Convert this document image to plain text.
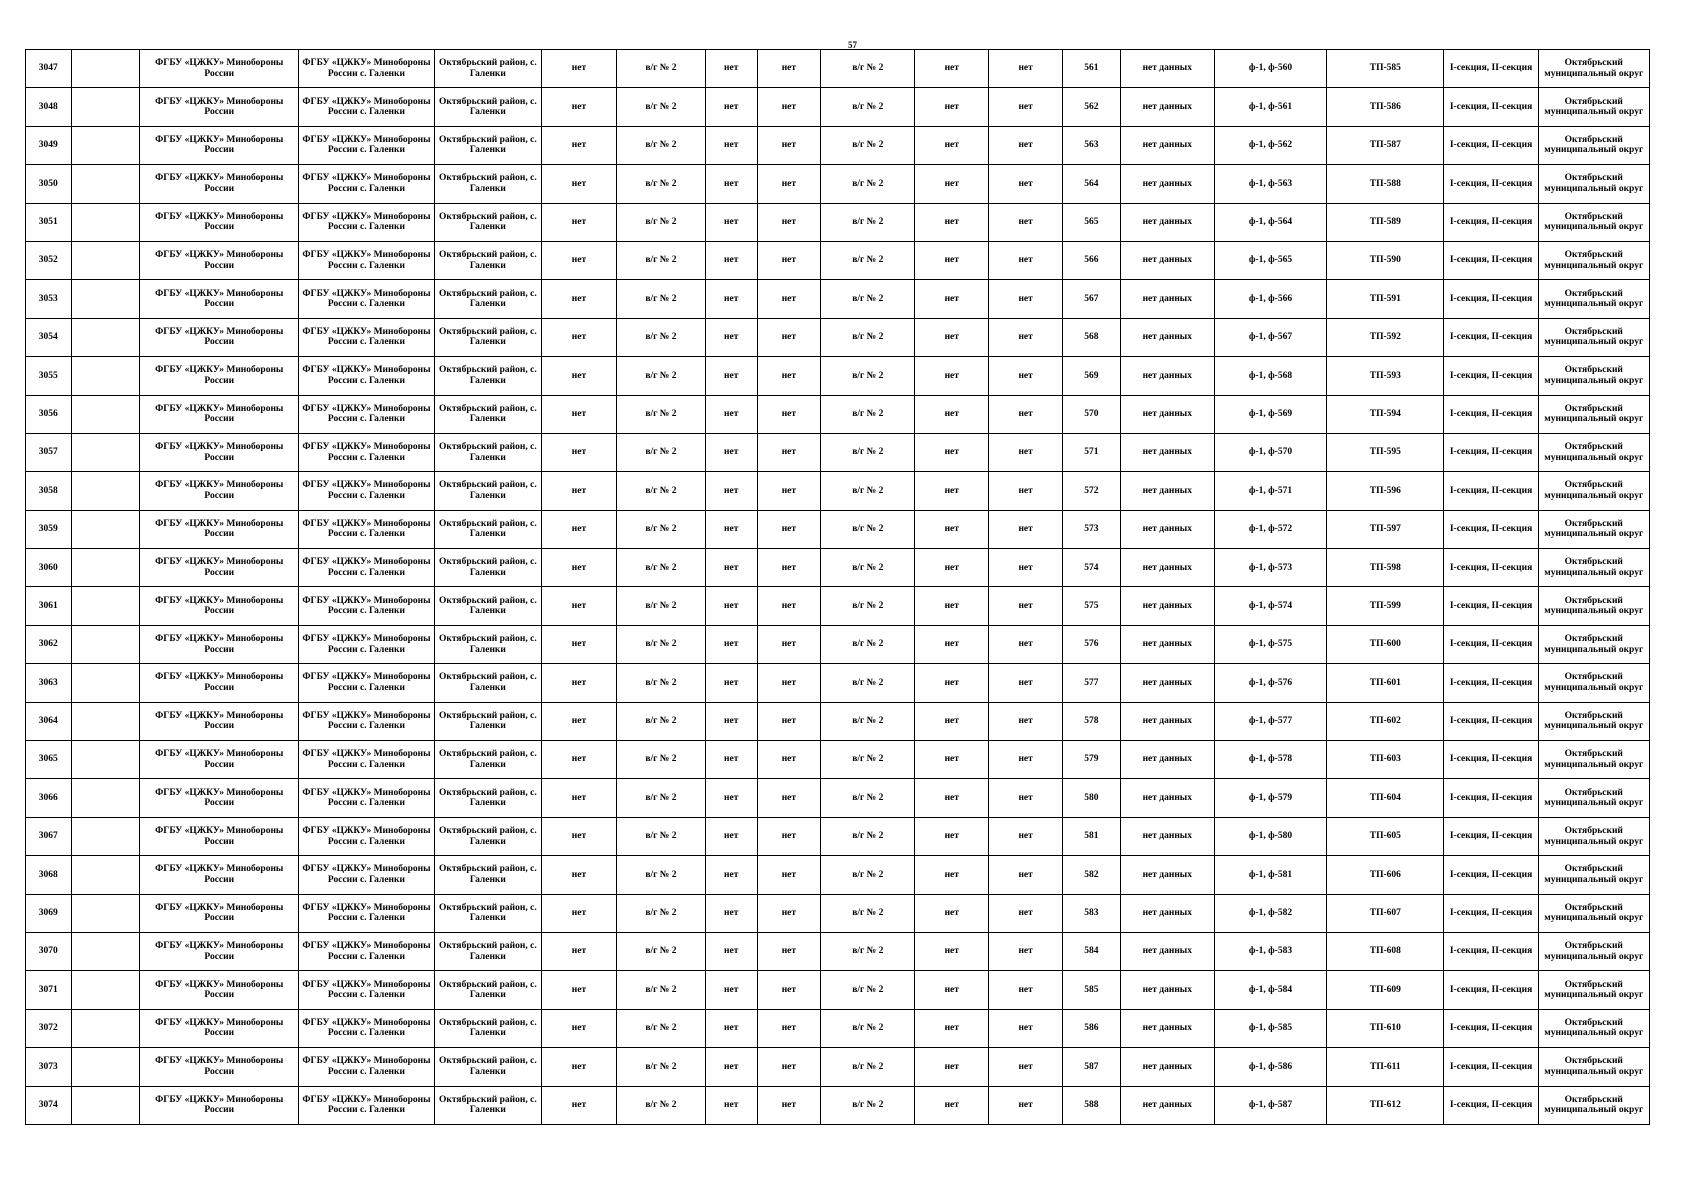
57
3047		ФГБУ «ЦЖКУ» Минобороны России	ФГБУ «ЦЖКУ» Минобороны России с. Галенки	Октябрьский район, с. Галенки	нет	в/г № 2	нет	нет	в/г № 2	нет	нет	561	нет данных	ф-1, ф-560	ТП-585	I-секция, II-секция	Октябрьский муниципальный округ
3048		ФГБУ «ЦЖКУ» Минобороны России	ФГБУ «ЦЖКУ» Минобороны России с. Галенки	Октябрьский район, с. Галенки	нет	в/г № 2	нет	нет	в/г № 2	нет	нет	562	нет данных	ф-1, ф-561	ТП-586	I-секция, II-секция	Октябрьский муниципальный округ
3049		ФГБУ «ЦЖКУ» Минобороны России	ФГБУ «ЦЖКУ» Минобороны России с. Галенки	Октябрьский район, с. Галенки	нет	в/г № 2	нет	нет	в/г № 2	нет	нет	563	нет данных	ф-1, ф-562	ТП-587	I-секция, II-секция	Октябрьский муниципальный округ
3050		ФГБУ «ЦЖКУ» Минобороны России	ФГБУ «ЦЖКУ» Минобороны России с. Галенки	Октябрьский район, с. Галенки	нет	в/г № 2	нет	нет	в/г № 2	нет	нет	564	нет данных	ф-1, ф-563	ТП-588	I-секция, II-секция	Октябрьский муниципальный округ
3051		ФГБУ «ЦЖКУ» Минобороны России	ФГБУ «ЦЖКУ» Минобороны России с. Галенки	Октябрьский район, с. Галенки	нет	в/г № 2	нет	нет	в/г № 2	нет	нет	565	нет данных	ф-1, ф-564	ТП-589	I-секция, II-секция	Октябрьский муниципальный округ
3052		ФГБУ «ЦЖКУ» Минобороны России	ФГБУ «ЦЖКУ» Минобороны России с. Галенки	Октябрьский район, с. Галенки	нет	в/г № 2	нет	нет	в/г № 2	нет	нет	566	нет данных	ф-1, ф-565	ТП-590	I-секция, II-секция	Октябрьский муниципальный округ
3053		ФГБУ «ЦЖКУ» Минобороны России	ФГБУ «ЦЖКУ» Минобороны России с. Галенки	Октябрьский район, с. Галенки	нет	в/г № 2	нет	нет	в/г № 2	нет	нет	567	нет данных	ф-1, ф-566	ТП-591	I-секция, II-секция	Октябрьский муниципальный округ
3054		ФГБУ «ЦЖКУ» Минобороны России	ФГБУ «ЦЖКУ» Минобороны России с. Галенки	Октябрьский район, с. Галенки	нет	в/г № 2	нет	нет	в/г № 2	нет	нет	568	нет данных	ф-1, ф-567	ТП-592	I-секция, II-секция	Октябрьский муниципальный округ
3055		ФГБУ «ЦЖКУ» Минобороны России	ФГБУ «ЦЖКУ» Минобороны России с. Галенки	Октябрьский район, с. Галенки	нет	в/г № 2	нет	нет	в/г № 2	нет	нет	569	нет данных	ф-1, ф-568	ТП-593	I-секция, II-секция	Октябрьский муниципальный округ
3056		ФГБУ «ЦЖКУ» Минобороны России	ФГБУ «ЦЖКУ» Минобороны России с. Галенки	Октябрьский район, с. Галенки	нет	в/г № 2	нет	нет	в/г № 2	нет	нет	570	нет данных	ф-1, ф-569	ТП-594	I-секция, II-секция	Октябрьский муниципальный округ
3057		ФГБУ «ЦЖКУ» Минобороны России	ФГБУ «ЦЖКУ» Минобороны России с. Галенки	Октябрьский район, с. Галенки	нет	в/г № 2	нет	нет	в/г № 2	нет	нет	571	нет данных	ф-1, ф-570	ТП-595	I-секция, II-секция	Октябрьский муниципальный округ
3058		ФГБУ «ЦЖКУ» Минобороны России	ФГБУ «ЦЖКУ» Минобороны России с. Галенки	Октябрьский район, с. Галенки	нет	в/г № 2	нет	нет	в/г № 2	нет	нет	572	нет данных	ф-1, ф-571	ТП-596	I-секция, II-секция	Октябрьский муниципальный округ
3059		ФГБУ «ЦЖКУ» Минобороны России	ФГБУ «ЦЖКУ» Минобороны России с. Галенки	Октябрьский район, с. Галенки	нет	в/г № 2	нет	нет	в/г № 2	нет	нет	573	нет данных	ф-1, ф-572	ТП-597	I-секция, II-секция	Октябрьский муниципальный округ
3060		ФГБУ «ЦЖКУ» Минобороны России	ФГБУ «ЦЖКУ» Минобороны России с. Галенки	Октябрьский район, с. Галенки	нет	в/г № 2	нет	нет	в/г № 2	нет	нет	574	нет данных	ф-1, ф-573	ТП-598	I-секция, II-секция	Октябрьский муниципальный округ
3061		ФГБУ «ЦЖКУ» Минобороны России	ФГБУ «ЦЖКУ» Минобороны России с. Галенки	Октябрьский район, с. Галенки	нет	в/г № 2	нет	нет	в/г № 2	нет	нет	575	нет данных	ф-1, ф-574	ТП-599	I-секция, II-секция	Октябрьский муниципальный округ
3062		ФГБУ «ЦЖКУ» Минобороны России	ФГБУ «ЦЖКУ» Минобороны России с. Галенки	Октябрьский район, с. Галенки	нет	в/г № 2	нет	нет	в/г № 2	нет	нет	576	нет данных	ф-1, ф-575	ТП-600	I-секция, II-секция	Октябрьский муниципальный округ
3063		ФГБУ «ЦЖКУ» Минобороны России	ФГБУ «ЦЖКУ» Минобороны России с. Галенки	Октябрьский район, с. Галенки	нет	в/г № 2	нет	нет	в/г № 2	нет	нет	577	нет данных	ф-1, ф-576	ТП-601	I-секция, II-секция	Октябрьский муниципальный округ
3064		ФГБУ «ЦЖКУ» Минобороны России	ФГБУ «ЦЖКУ» Минобороны России с. Галенки	Октябрьский район, с. Галенки	нет	в/г № 2	нет	нет	в/г № 2	нет	нет	578	нет данных	ф-1, ф-577	ТП-602	I-секция, II-секция	Октябрьский муниципальный округ
3065		ФГБУ «ЦЖКУ» Минобороны России	ФГБУ «ЦЖКУ» Минобороны России с. Галенки	Октябрьский район, с. Галенки	нет	в/г № 2	нет	нет	в/г № 2	нет	нет	579	нет данных	ф-1, ф-578	ТП-603	I-секция, II-секция	Октябрьский муниципальный округ
3066		ФГБУ «ЦЖКУ» Минобороны России	ФГБУ «ЦЖКУ» Минобороны России с. Галенки	Октябрьский район, с. Галенки	нет	в/г № 2	нет	нет	в/г № 2	нет	нет	580	нет данных	ф-1, ф-579	ТП-604	I-секция, II-секция	Октябрьский муниципальный округ
3067		ФГБУ «ЦЖКУ» Минобороны России	ФГБУ «ЦЖКУ» Минобороны России с. Галенки	Октябрьский район, с. Галенки	нет	в/г № 2	нет	нет	в/г № 2	нет	нет	581	нет данных	ф-1, ф-580	ТП-605	I-секция, II-секция	Октябрьский муниципальный округ
3068		ФГБУ «ЦЖКУ» Минобороны России	ФГБУ «ЦЖКУ» Минобороны России с. Галенки	Октябрьский район, с. Галенки	нет	в/г № 2	нет	нет	в/г № 2	нет	нет	582	нет данных	ф-1, ф-581	ТП-606	I-секция, II-секция	Октябрьский муниципальный округ
3069		ФГБУ «ЦЖКУ» Минобороны России	ФГБУ «ЦЖКУ» Минобороны России с. Галенки	Октябрьский район, с. Галенки	нет	в/г № 2	нет	нет	в/г № 2	нет	нет	583	нет данных	ф-1, ф-582	ТП-607	I-секция, II-секция	Октябрьский муниципальный округ
3070		ФГБУ «ЦЖКУ» Минобороны России	ФГБУ «ЦЖКУ» Минобороны России с. Галенки	Октябрьский район, с. Галенки	нет	в/г № 2	нет	нет	в/г № 2	нет	нет	584	нет данных	ф-1, ф-583	ТП-608	I-секция, II-секция	Октябрьский муниципальный округ
3071		ФГБУ «ЦЖКУ» Минобороны России	ФГБУ «ЦЖКУ» Минобороны России с. Галенки	Октябрьский район, с. Галенки	нет	в/г № 2	нет	нет	в/г № 2	нет	нет	585	нет данных	ф-1, ф-584	ТП-609	I-секция, II-секция	Октябрьский муниципальный округ
3072		ФГБУ «ЦЖКУ» Минобороны России	ФГБУ «ЦЖКУ» Минобороны России с. Галенки	Октябрьский район, с. Галенки	нет	в/г № 2	нет	нет	в/г № 2	нет	нет	586	нет данных	ф-1, ф-585	ТП-610	I-секция, II-секция	Октябрьский муниципальный округ
3073		ФГБУ «ЦЖКУ» Минобороны России	ФГБУ «ЦЖКУ» Минобороны России с. Галенки	Октябрьский район, с. Галенки	нет	в/г № 2	нет	нет	в/г № 2	нет	нет	587	нет данных	ф-1, ф-586	ТП-611	I-секция, II-секция	Октябрьский муниципальный округ
3074		ФГБУ «ЦЖКУ» Минобороны России	ФГБУ «ЦЖКУ» Минобороны России с. Галенки	Октябрьский район, с. Галенки	нет	в/г № 2	нет	нет	в/г № 2	нет	нет	588	нет данных	ф-1, ф-587	ТП-612	I-секция, II-секция	Октябрьский муниципальный округ
